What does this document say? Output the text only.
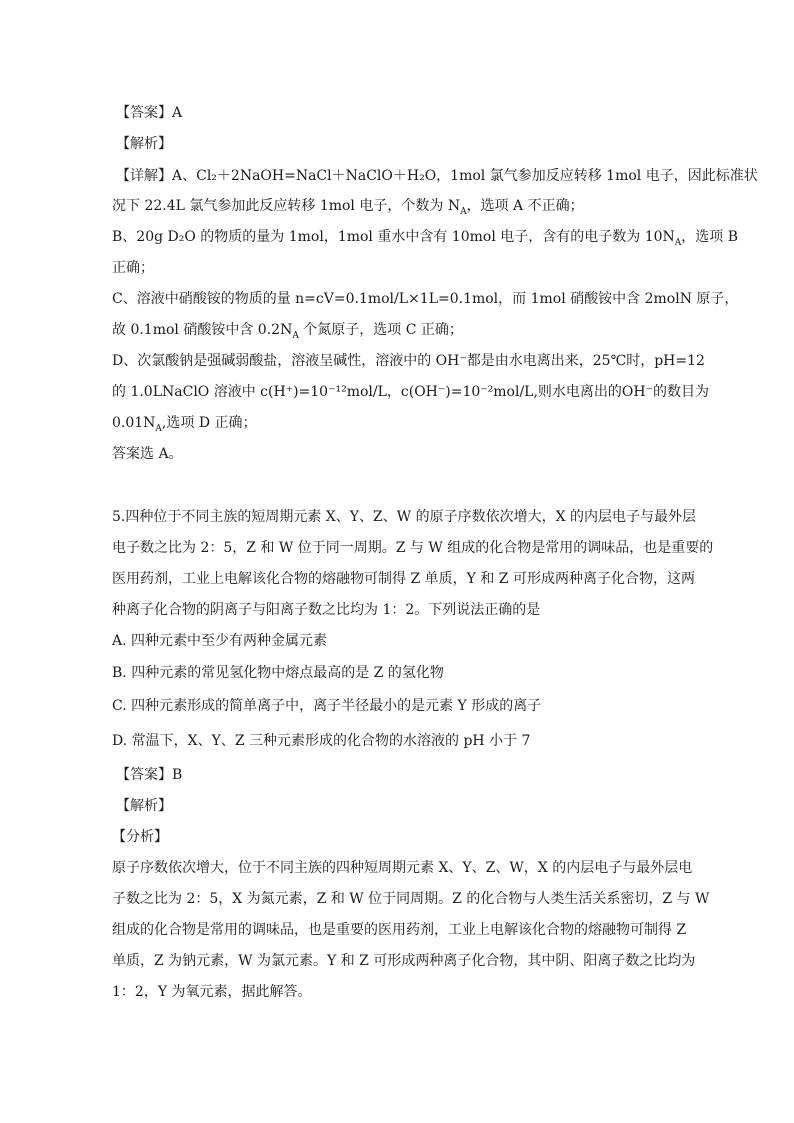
【答案】A
【解析】
【详解】A、Cl₂＋2NaOH=NaCl＋NaClO＋H₂O，1mol 氯气参加反应转移 1mol 电子，因此标准状
况下 22.4L 氯气参加此反应转移 1mol 电子，个数为 $N_A$，选项 A 不正确；
B、20g D₂O 的物质的量为 1mol，1mol 重水中含有 10mol 电子，含有的电子数为 $10N_A$，选项 B
正确；
C、溶液中硝酸铵的物质的量 n=cV=0.1mol/L×1L=0.1mol，而 1mol 硝酸铵中含 2molN 原子，
故 0.1mol 硝酸铵中含 $0.2N_A$ 个氮原子，选项 C 正确；
D、次氯酸钠是强碱弱酸盐，溶液呈碱性，溶液中的 OH⁻都是由水电离出来，25℃时，pH=12
的 1.0LNaClO 溶液中 c(H⁺)=10⁻¹²mol/L，c(OH⁻)=10⁻²mol/L,则水电离出的OH⁻的数目为
$0.01N_A$,选项 D 正确；
答案选 A。
5.四种位于不同主族的短周期元素 X、Y、Z、W 的原子序数依次增大，X 的内层电子与最外层
电子数之比为 2：5，Z 和 W 位于同一周期。Z 与 W 组成的化合物是常用的调味品，也是重要的
医用药剂，工业上电解该化合物的熔融物可制得 Z 单质，Y 和 Z 可形成两种离子化合物，这两
种离子化合物的阴离子与阳离子数之比均为 1：2。下列说法正确的是
A. 四种元素中至少有两种金属元素
B. 四种元素的常见氢化物中熔点最高的是 Z 的氢化物
C. 四种元素形成的简单离子中，离子半径最小的是元素 Y 形成的离子
D. 常温下，X、Y、Z 三种元素形成的化合物的水溶液的 pH 小于 7
【答案】B
【解析】
【分析】
原子序数依次增大，位于不同主族的四种短周期元素 X、Y、Z、W，X 的内层电子与最外层电
子数之比为 2：5，X 为氮元素，Z 和 W 位于同周期。Z 的化合物与人类生活关系密切，Z 与 W
组成的化合物是常用的调味品，也是重要的医用药剂，工业上电解该化合物的熔融物可制得 Z
单质，Z 为钠元素，W 为氯元素。Y 和 Z 可形成两种离子化合物，其中阴、阳离子数之比均为
1：2，Y 为氧元素，据此解答。
